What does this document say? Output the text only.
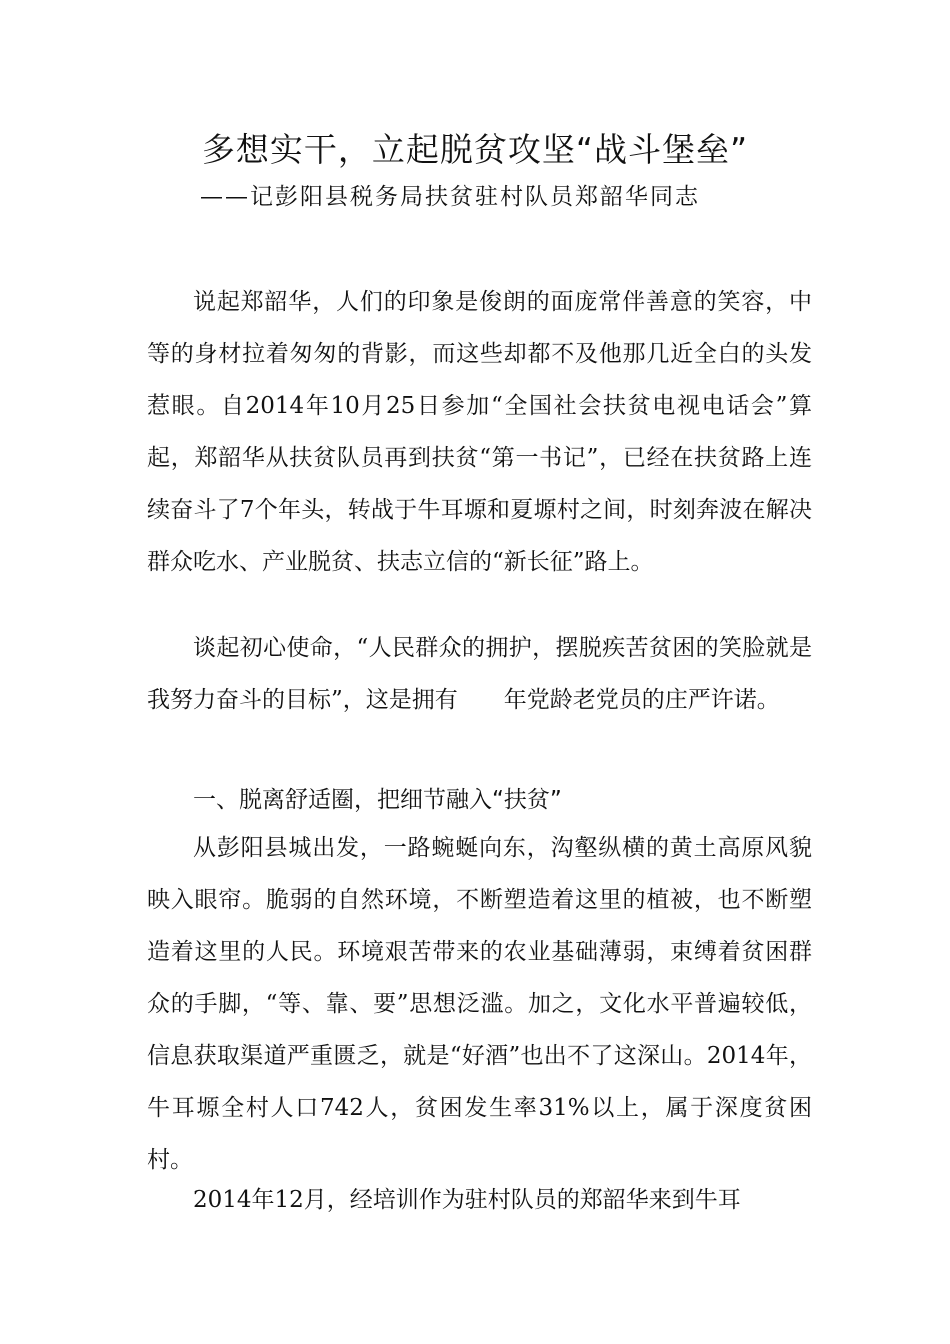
多想实干，立起脱贫攻坚“战斗堡垒”
——记彭阳县税务局扶贫驻村队员郑韶华同志
说起郑韶华，人们的印象是俊朗的面庞常伴善意的笑容，中等的身材拉着匆匆的背影，而这些却都不及他那几近全白的头发惹眼。自2014年10月25日参加“全国社会扶贫电视电话会”算起，郑韶华从扶贫队员再到扶贫“第一书记”，已经在扶贫路上连续奋斗了7个年头，转战于牛耳塬和夏塬村之间，时刻奔波在解决群众吃水、产业脱贫、扶志立信的“新长征”路上。
谈起初心使命，“人民群众的拥护，摆脱疾苦贫困的笑脸就是我努力奋斗的目标”，这是拥有　　年党龄老党员的庄严许诺。
一、脱离舒适圈，把细节融入“扶贫”
从彭阳县城出发，一路蜿蜒向东，沟壑纵横的黄土高原风貌映入眼帘。脆弱的自然环境，不断塑造着这里的植被，也不断塑造着这里的人民。环境艰苦带来的农业基础薄弱，束缚着贫困群众的手脚，“等、靠、要”思想泛滥。加之，文化水平普遍较低，信息获取渠道严重匮乏，就是“好酒”也出不了这深山。2014年，牛耳塬全村人口742人，贫困发生率31%以上，属于深度贫困村。
2014年12月，经培训作为驻村队员的郑韶华来到牛耳
